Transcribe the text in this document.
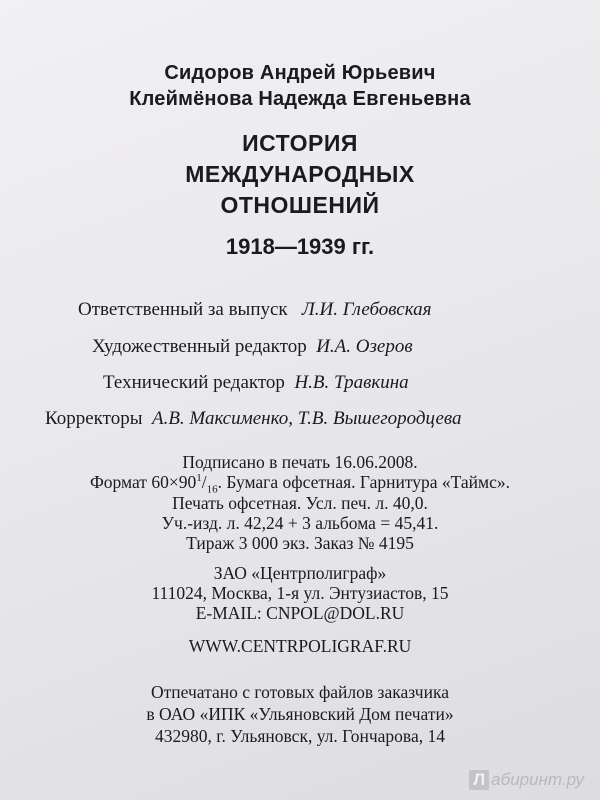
Сидоров Андрей Юрьевич
Клеймёнова Надежда Евгеньевна
ИСТОРИЯ
МЕЖДУНАРОДНЫХ
ОТНОШЕНИЙ
1918—1939 гг.
Ответственный за выпуск Л.И. Глебовская
Художественный редактор И.А. Озеров
Технический редактор Н.В. Травкина
Корректоры А.В. Максименко, Т.В. Вышегородцева
Подписано в печать 16.06.2008.
Формат $60\times 90^1/_{16}$. Бумага офсетная. Гарнитура «Таймс».
Печать офсетная. Усл. печ. л. 40,0.
Уч.-изд. л. 42,24 + 3 альбома = 45,41.
Тираж 3 000 экз. Заказ № 4195
ЗАО «Центрполиграф»
111024, Москва, 1-я ул. Энтузиастов, 15
E-MAIL: CNPOL@DOL.RU
WWW.CENTRPOLIGRAF.RU
Отпечатано с готовых файлов заказчика
в ОАО «ИПК «Ульяновский Дом печати»
432980, г. Ульяновск, ул. Гончарова, 14
Л абиринт.ру
